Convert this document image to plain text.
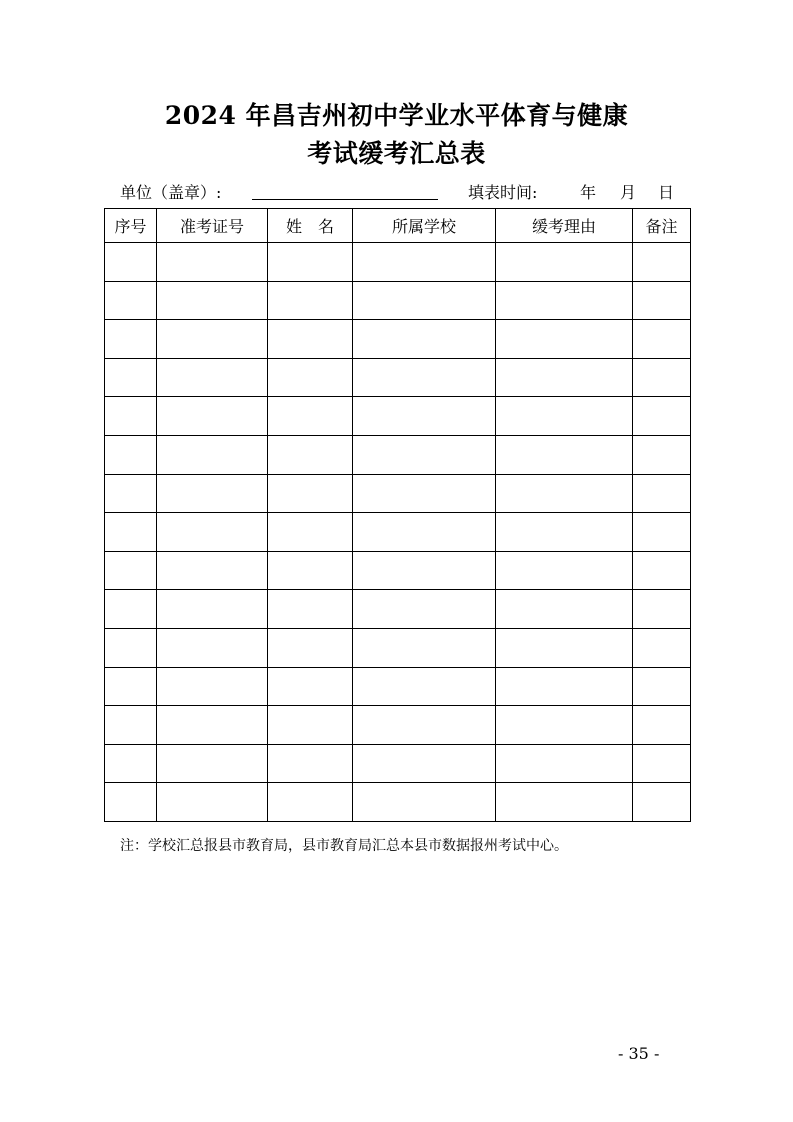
2024 年昌吉州初中学业水平体育与健康
考试缓考汇总表
单位（盖章）:	填表时间:	年 月 日
序号	准考证号	姓　名	所属学校	缓考理由	备注

注：学校汇总报县市教育局，县市教育局汇总本县市数据报州考试中心。
- 35 -
